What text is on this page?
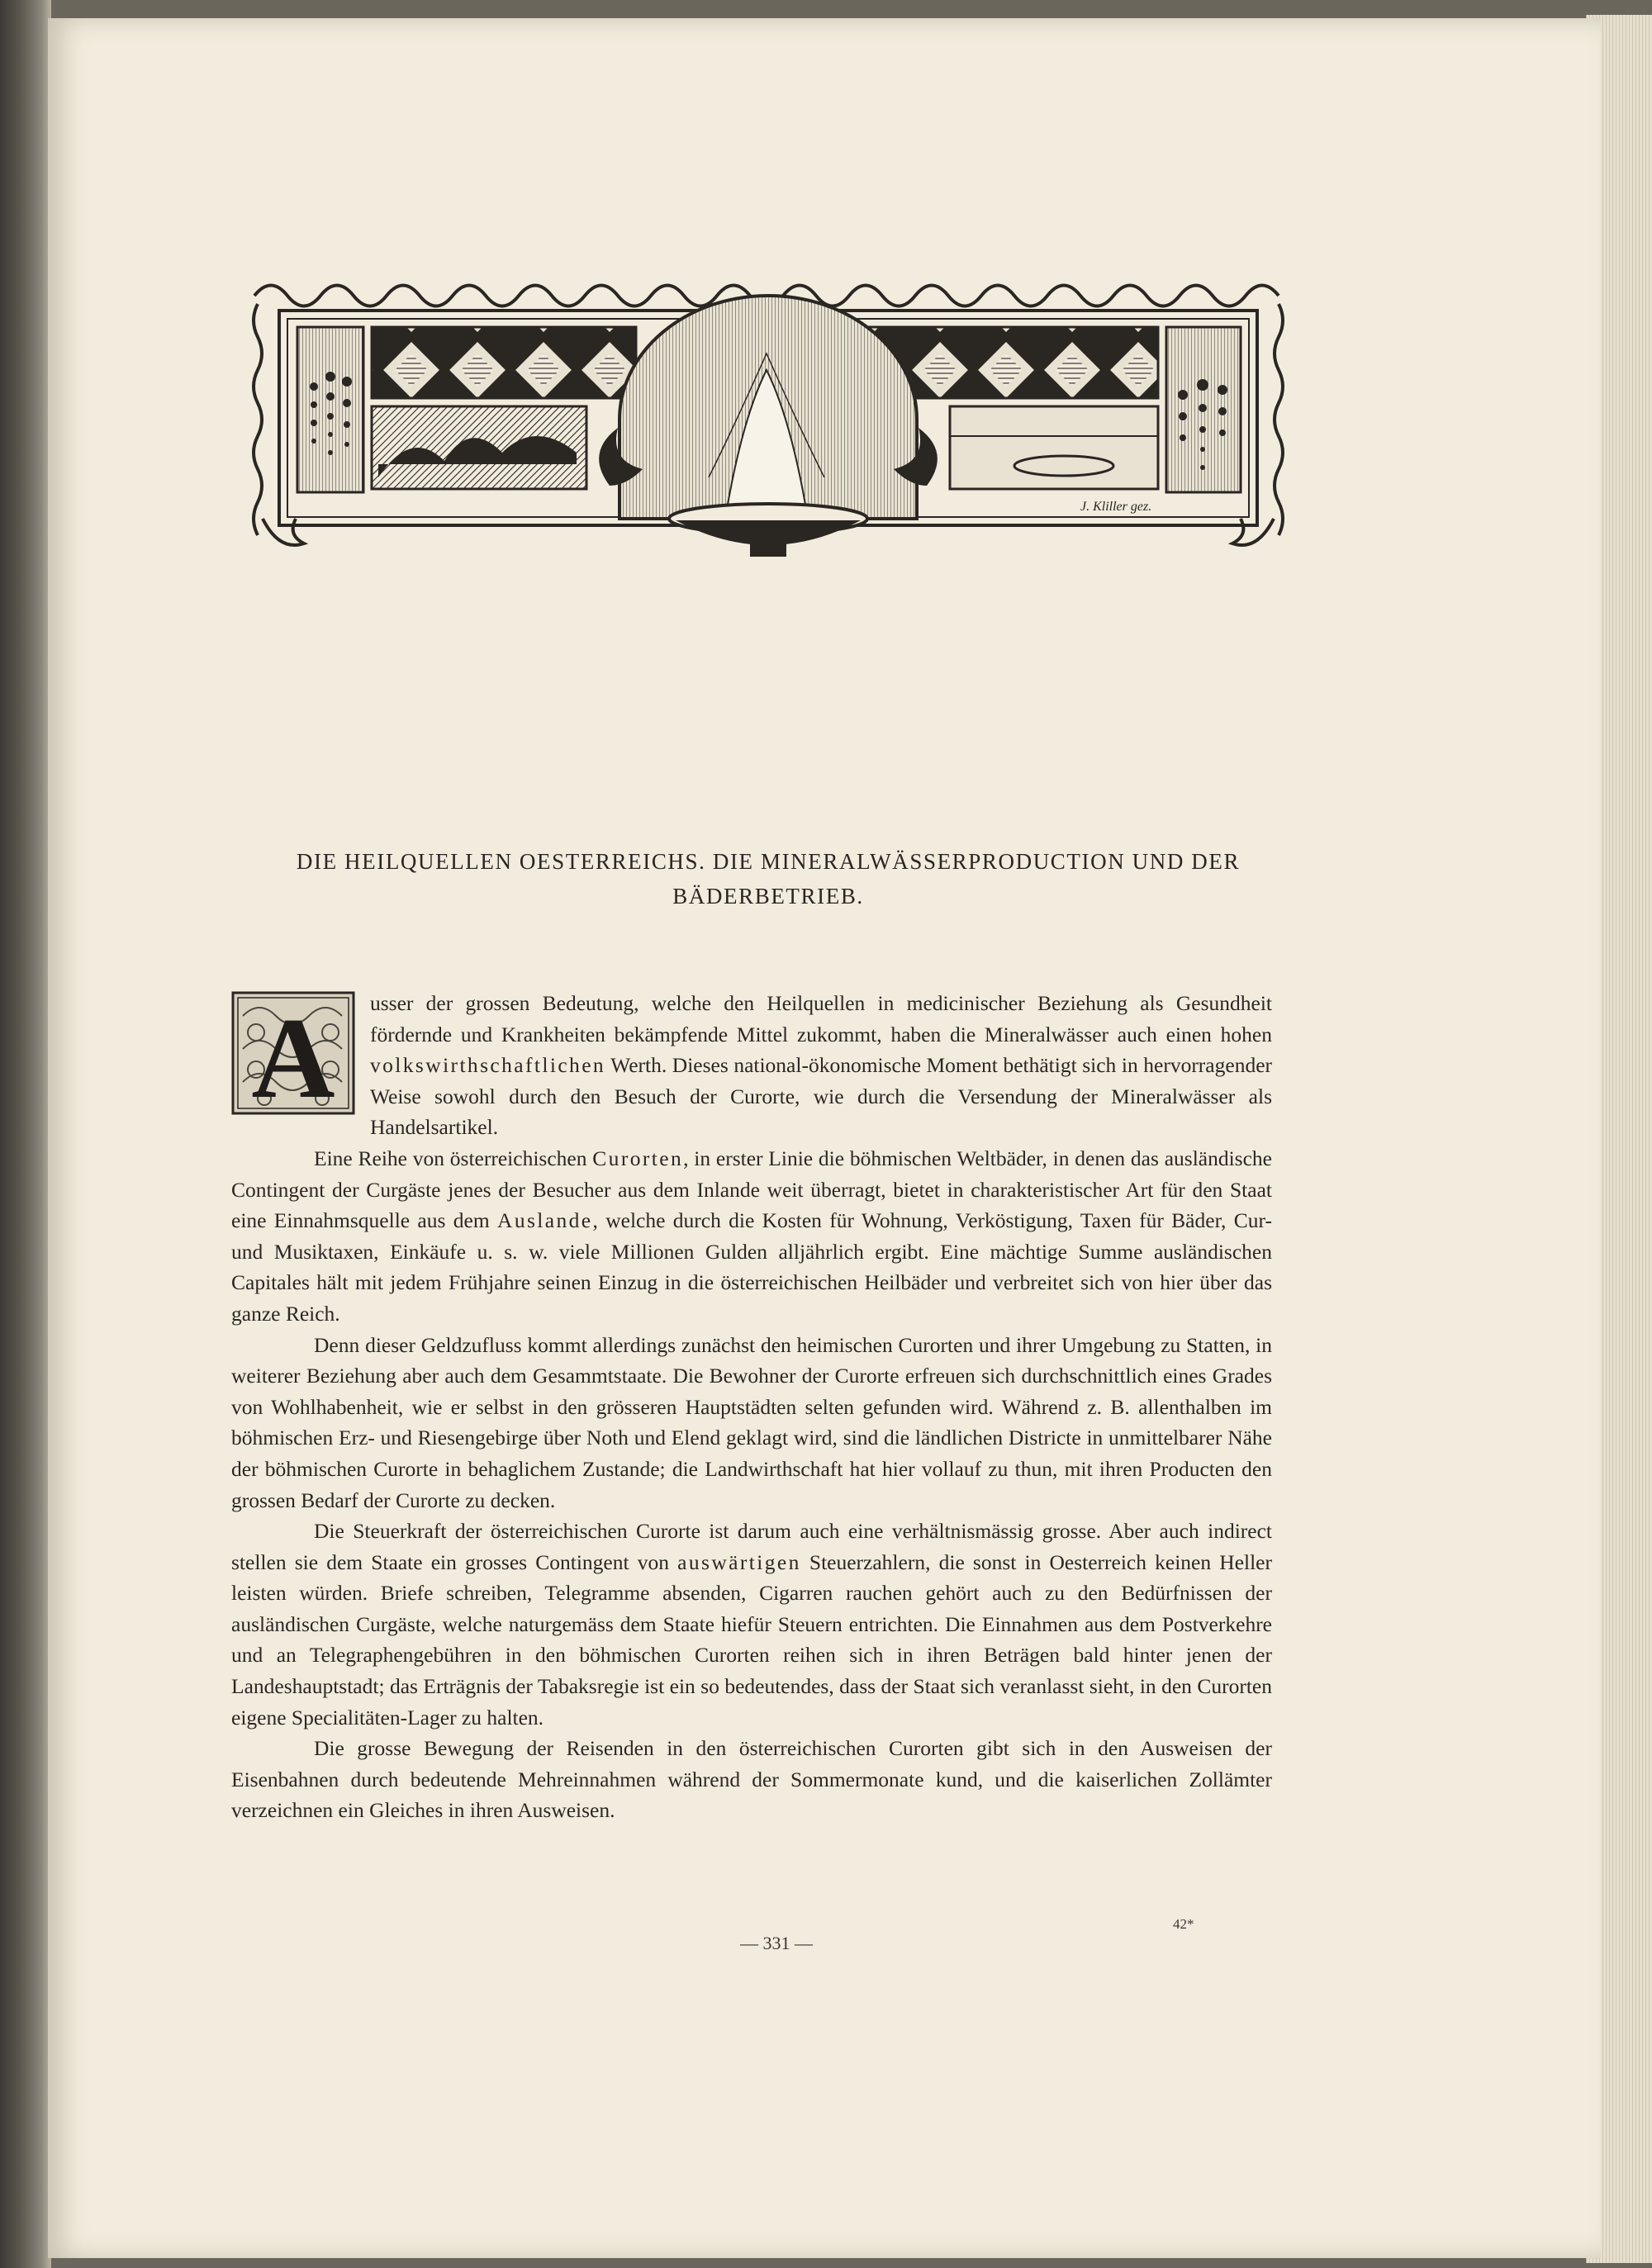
J. Kliller gez.
DIE HEILQUELLEN OESTERREICHS. DIE MINERALWÄSSERPRODUCTION UND DER BÄDERBETRIEB.

A usser der grossen Bedeutung, welche den Heilquellen in medicinischer Beziehung als Gesundheit fördernde und Krankheiten bekämpfende Mittel zukommt, haben die Mineralwässer auch einen hohen volkswirthschaftlichen Werth. Dieses national-ökonomische Moment bethätigt sich in hervorragender Weise sowohl durch den Besuch der Curorte, wie durch die Versendung der Mineralwässer als Handelsartikel.

Eine Reihe von österreichischen Curorten, in erster Linie die böhmischen Weltbäder, in denen das ausländische Contingent der Curgäste jenes der Besucher aus dem Inlande weit überragt, bietet in charakteristischer Art für den Staat eine Einnahmsquelle aus dem Auslande, welche durch die Kosten für Wohnung, Verköstigung, Taxen für Bäder, Cur- und Musiktaxen, Einkäufe u. s. w. viele Millionen Gulden alljährlich ergibt. Eine mächtige Summe ausländischen Capitales hält mit jedem Frühjahre seinen Einzug in die österreichischen Heilbäder und verbreitet sich von hier über das ganze Reich.

Denn dieser Geldzufluss kommt allerdings zunächst den heimischen Curorten und ihrer Umgebung zu Statten, in weiterer Beziehung aber auch dem Gesammtstaate. Die Bewohner der Curorte erfreuen sich durchschnittlich eines Grades von Wohlhabenheit, wie er selbst in den grösseren Hauptstädten selten gefunden wird. Während z. B. allenthalben im böhmischen Erz- und Riesengebirge über Noth und Elend geklagt wird, sind die ländlichen Districte in unmittelbarer Nähe der böhmischen Curorte in behaglichem Zustande; die Landwirthschaft hat hier vollauf zu thun, mit ihren Producten den grossen Bedarf der Curorte zu decken.

Die Steuerkraft der österreichischen Curorte ist darum auch eine verhältnismässig grosse. Aber auch indirect stellen sie dem Staate ein grosses Contingent von auswärtigen Steuerzahlern, die sonst in Oesterreich keinen Heller leisten würden. Briefe schreiben, Telegramme absenden, Cigarren rauchen gehört auch zu den Bedürfnissen der ausländischen Curgäste, welche naturgemäss dem Staate hiefür Steuern entrichten. Die Einnahmen aus dem Postverkehre und an Telegraphengebühren in den böhmischen Curorten reihen sich in ihren Beträgen bald hinter jenen der Landeshauptstadt; das Erträgnis der Tabaksregie ist ein so bedeutendes, dass der Staat sich veranlasst sieht, in den Curorten eigene Specialitäten-Lager zu halten.

Die grosse Bewegung der Reisenden in den österreichischen Curorten gibt sich in den Ausweisen der Eisenbahnen durch bedeutende Mehreinnahmen während der Sommermonate kund, und die kaiserlichen Zollämter verzeichnen ein Gleiches in ihren Ausweisen.

42*
— 331 —
